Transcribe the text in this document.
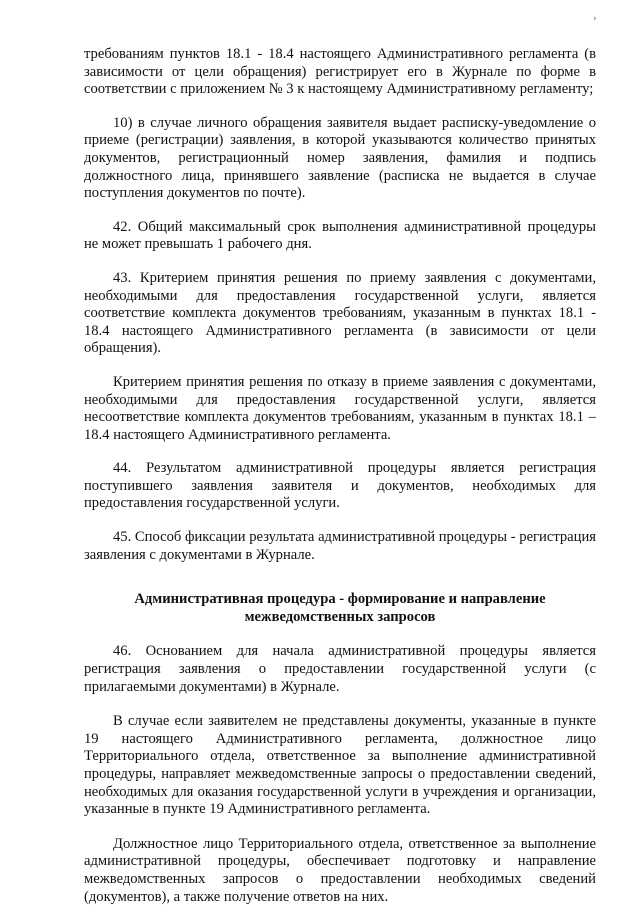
требованиям пунктов 18.1 - 18.4 настоящего Административного регламента (в зависимости от цели обращения) регистрирует его в Журнале по форме в соответствии с приложением № 3 к настоящему Административному регламенту;

10) в случае личного обращения заявителя выдает расписку-уведомление о приеме (регистрации) заявления, в которой указываются количество принятых документов, регистрационный номер заявления, фамилия и подпись должностного лица, принявшего заявление (расписка не выдается в случае поступления документов по почте).

42. Общий максимальный срок выполнения административной процедуры не может превышать 1 рабочего дня.

43. Критерием принятия решения по приему заявления с документами, необходимыми для предоставления государственной услуги, является соответствие комплекта документов требованиям, указанным в пунктах 18.1 - 18.4 настоящего Административного регламента (в зависимости от цели обращения).

Критерием принятия решения по отказу в приеме заявления с документами, необходимыми для предоставления государственной услуги, является несоответствие комплекта документов требованиям, указанным в пунктах 18.1 – 18.4 настоящего Административного регламента.

44. Результатом административной процедуры является регистрация поступившего заявления заявителя и документов, необходимых для предоставления государственной услуги.

45. Способ фиксации результата административной процедуры - регистрация заявления с документами в Журнале.

Административная процедура - формирование и направление
межведомственных запросов

46. Основанием для начала административной процедуры является регистрация заявления о предоставлении государственной услуги (с прилагаемыми документами) в Журнале.

В случае если заявителем не представлены документы, указанные в пункте 19 настоящего Административного регламента, должностное лицо Территориального отдела, ответственное за выполнение административной процедуры, направляет межведомственные запросы о предоставлении сведений, необходимых для оказания государственной услуги в учреждения и организации, указанные в пункте 19 Административного регламента.

Должностное лицо Территориального отдела, ответственное за выполнение административной процедуры, обеспечивает подготовку и направление межведомственных запросов о предоставлении необходимых сведений (документов), а также получение ответов на них.

›
